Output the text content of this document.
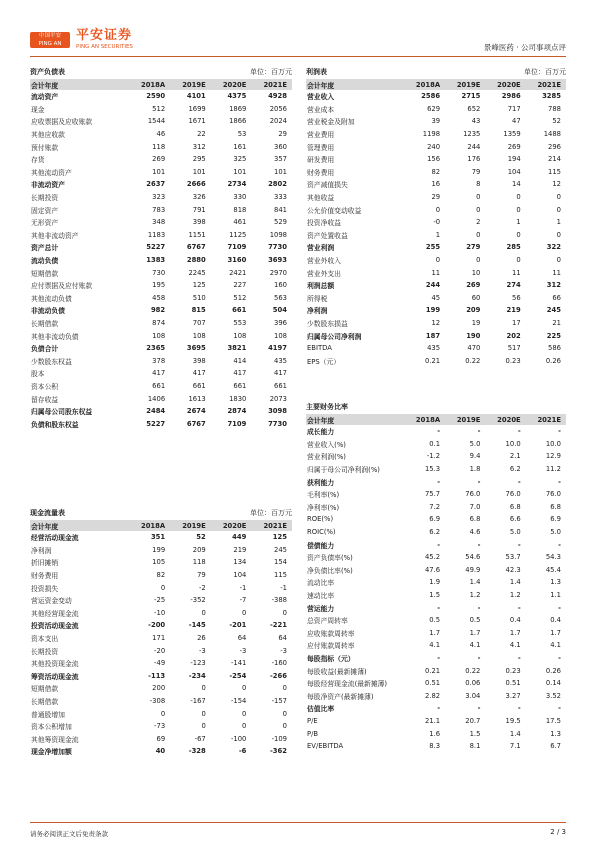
中国平安
PING AN
平安证券
PING AN SECURITIES	景峰医药 · 公司事项点评
资产负债表	单位：百万元
会计年度	2018A	2019E	2020E	2021E
流动资产	2590	4101	4375	4928
现金	512	1699	1869	2056
应收票据及应收账款	1544	1671	1866	2024
其他应收款	46	22	53	29
预付账款	118	312	161	360
存货	269	295	325	357
其他流动资产	101	101	101	101
非流动资产	2637	2666	2734	2802
长期投资	323	326	330	333
固定资产	783	791	818	841
无形资产	348	398	461	529
其他非流动资产	1183	1151	1125	1098
资产总计	5227	6767	7109	7730
流动负债	1383	2880	3160	3693
短期借款	730	2245	2421	2970
应付票据及应付账款	195	125	227	160
其他流动负债	458	510	512	563
非流动负债	982	815	661	504
长期借款	874	707	553	396
其他非流动负债	108	108	108	108
负债合计	2365	3695	3821	4197
少数股东权益	378	398	414	435
股本	417	417	417	417
资本公积	661	661	661	661
留存收益	1406	1613	1830	2073
归属母公司股东权益	2484	2674	2874	3098
负债和股东权益	5227	6767	7109	7730
利润表	单位：百万元
会计年度	2018A	2019E	2020E	2021E
营业收入	2586	2715	2986	3285
营业成本	629	652	717	788
营业税金及附加	39	43	47	52
营业费用	1198	1235	1359	1488
管理费用	240	244	269	296
研发费用	156	176	194	214
财务费用	82	79	104	115
资产减值损失	16	8	14	12
其他收益	29	0	0	0
公允价值变动收益	0	0	0	0
投资净收益	-0	2	1	1
资产处置收益	1	0	0	0
营业利润	255	279	285	322
营业外收入	0	0	0	0
营业外支出	11	10	11	11
利润总额	244	269	274	312
所得税	45	60	56	66
净利润	199	209	219	245
少数股东损益	12	19	17	21
归属母公司净利润	187	190	202	225
EBITDA	435	470	517	586
EPS（元）	0.21	0.22	0.23	0.26
现金流量表	单位：百万元
会计年度	2018A	2019E	2020E	2021E
经营活动现金流	351	52	449	125
净利润	199	209	219	245
折旧摊销	105	118	134	154
财务费用	82	79	104	115
投资损失	0	-2	-1	-1
营运资金变动	-25	-352	-7	-388
其他经营现金流	-10	0	0	0
投资活动现金流	-200	-145	-201	-221
资本支出	171	26	64	64
长期投资	-20	-3	-3	-3
其他投资现金流	-49	-123	-141	-160
筹资活动现金流	-113	-234	-254	-266
短期借款	200	0	0	0
长期借款	-308	-167	-154	-157
普通股增加	0	0	0	0
资本公积增加	-73	0	0	0
其他筹资现金流	69	-67	-100	-109
现金净增加额	40	-328	-6	-362
主要财务比率
会计年度	2018A	2019E	2020E	2021E
成长能力	-	-	-	-
营业收入(%)	0.1	5.0	10.0	10.0
营业利润(%)	-1.2	9.4	2.1	12.9
归属于母公司净利润(%)	15.3	1.8	6.2	11.2
获利能力	-	-	-	-
毛利率(%)	75.7	76.0	76.0	76.0
净利率(%)	7.2	7.0	6.8	6.8
ROE(%)	6.9	6.8	6.6	6.9
ROIC(%)	6.2	4.6	5.0	5.0
偿债能力	-	-	-	-
资产负债率(%)	45.2	54.6	53.7	54.3
净负债比率(%)	47.6	49.9	42.3	45.4
流动比率	1.9	1.4	1.4	1.3
速动比率	1.5	1.2	1.2	1.1
营运能力	-	-	-	-
总资产周转率	0.5	0.5	0.4	0.4
应收账款周转率	1.7	1.7	1.7	1.7
应付账款周转率	4.1	4.1	4.1	4.1
每股指标（元）	-	-	-	-
每股收益(最新摊薄)	0.21	0.22	0.23	0.26
每股经营现金流(最新摊薄)	0.51	0.06	0.51	0.14
每股净资产(最新摊薄)	2.82	3.04	3.27	3.52
估值比率	-	-	-	-
P/E	21.1	20.7	19.5	17.5
P/B	1.6	1.5	1.4	1.3
EV/EBITDA	8.3	8.1	7.1	6.7
请务必阅读正文后免责条款	2 / 3
